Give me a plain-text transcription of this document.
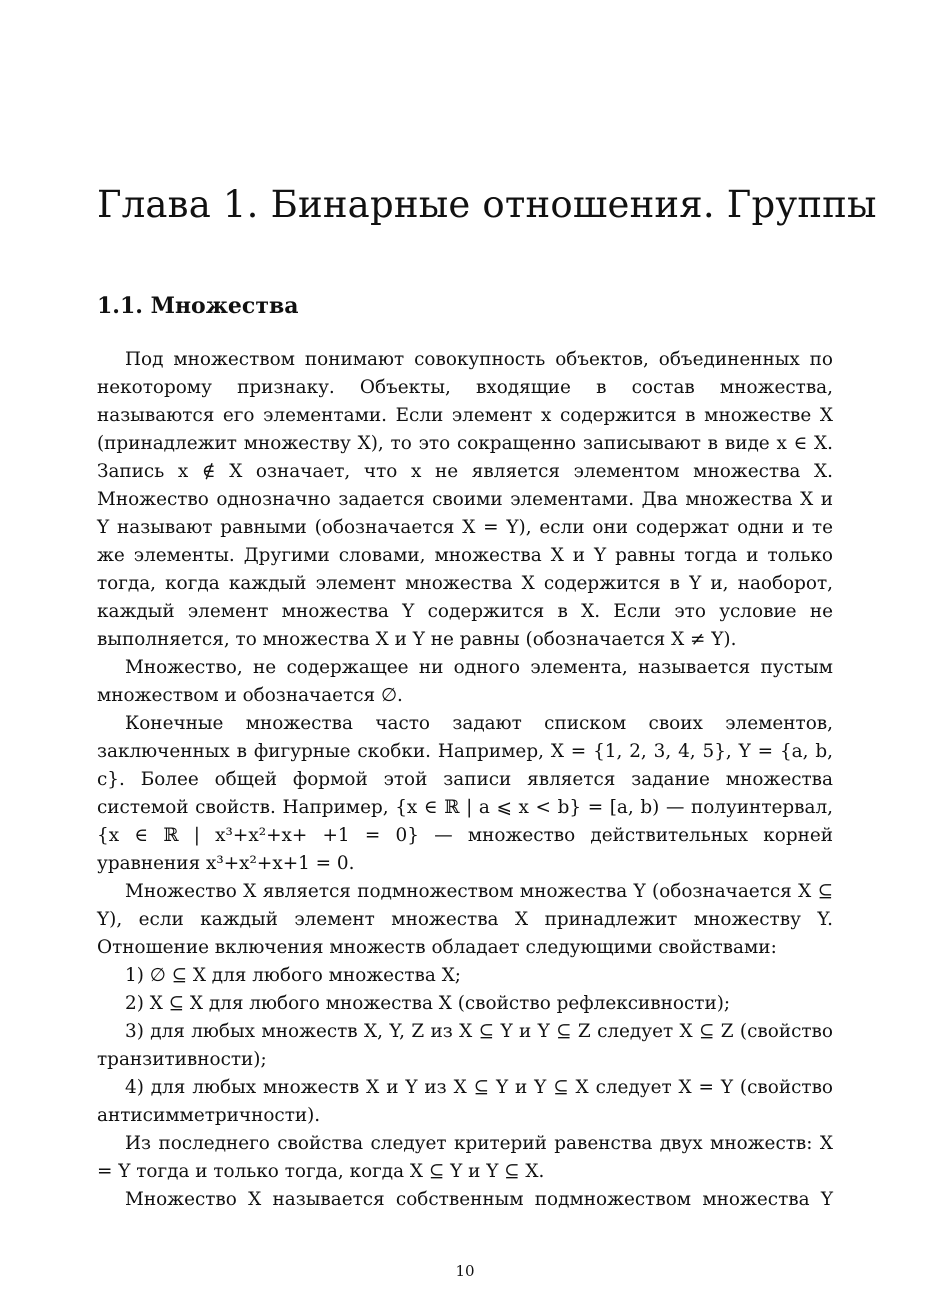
Глава 1. Бинарные отношения. Группы
1.1. Множества

Под множеством понимают совокупность объектов, объединенных по некоторому признаку. Объекты, входящие в состав множества, называются его элементами. Если элемент x содержится в множестве X (принадлежит множеству X), то это сокращенно записывают в виде x ∈ X. Запись x ∉ X означает, что x не является элементом множества X. Множество однозначно задается своими элементами. Два множества X и Y называют равными (обозначается X = Y), если они содержат одни и те же элементы. Другими словами, множества X и Y равны тогда и только тогда, когда каждый элемент множества X содержится в Y и, наоборот, каждый элемент множества Y содержится в X. Если это условие не выполняется, то множества X и Y не равны (обозначается X ≠ Y).

Множество, не содержащее ни одного элемента, называется пустым множеством и обозначается ∅.

Конечные множества часто задают списком своих элементов, заключенных в фигурные скобки. Например, X = {1, 2, 3, 4, 5}, Y = {a, b, c}. Более общей формой этой записи является задание множества системой свойств. Например, {x ∈ ℝ | a ⩽ x < b} = [a, b) — полуинтервал, {x ∈ ℝ | x³+x²+x+ +1 = 0} — множество действительных корней уравнения x³+x²+x+1 = 0.

Множество X является подмножеством множества Y (обозначается X ⊆ Y), если каждый элемент множества X принадлежит множеству Y. Отношение включения множеств обладает следующими свойствами:

1) ∅ ⊆ X для любого множества X;

2) X ⊆ X для любого множества X (свойство рефлексивности);

3) для любых множеств X, Y, Z из X ⊆ Y и Y ⊆ Z следует X ⊆ Z (свойство транзитивности);

4) для любых множеств X и Y из X ⊆ Y и Y ⊆ X следует X = Y (свойство антисимметричности).

Из последнего свойства следует критерий равенства двух множеств: X = Y тогда и только тогда, когда X ⊆ Y и Y ⊆ X.

Множество X называется собственным подмножеством множества Y

10
